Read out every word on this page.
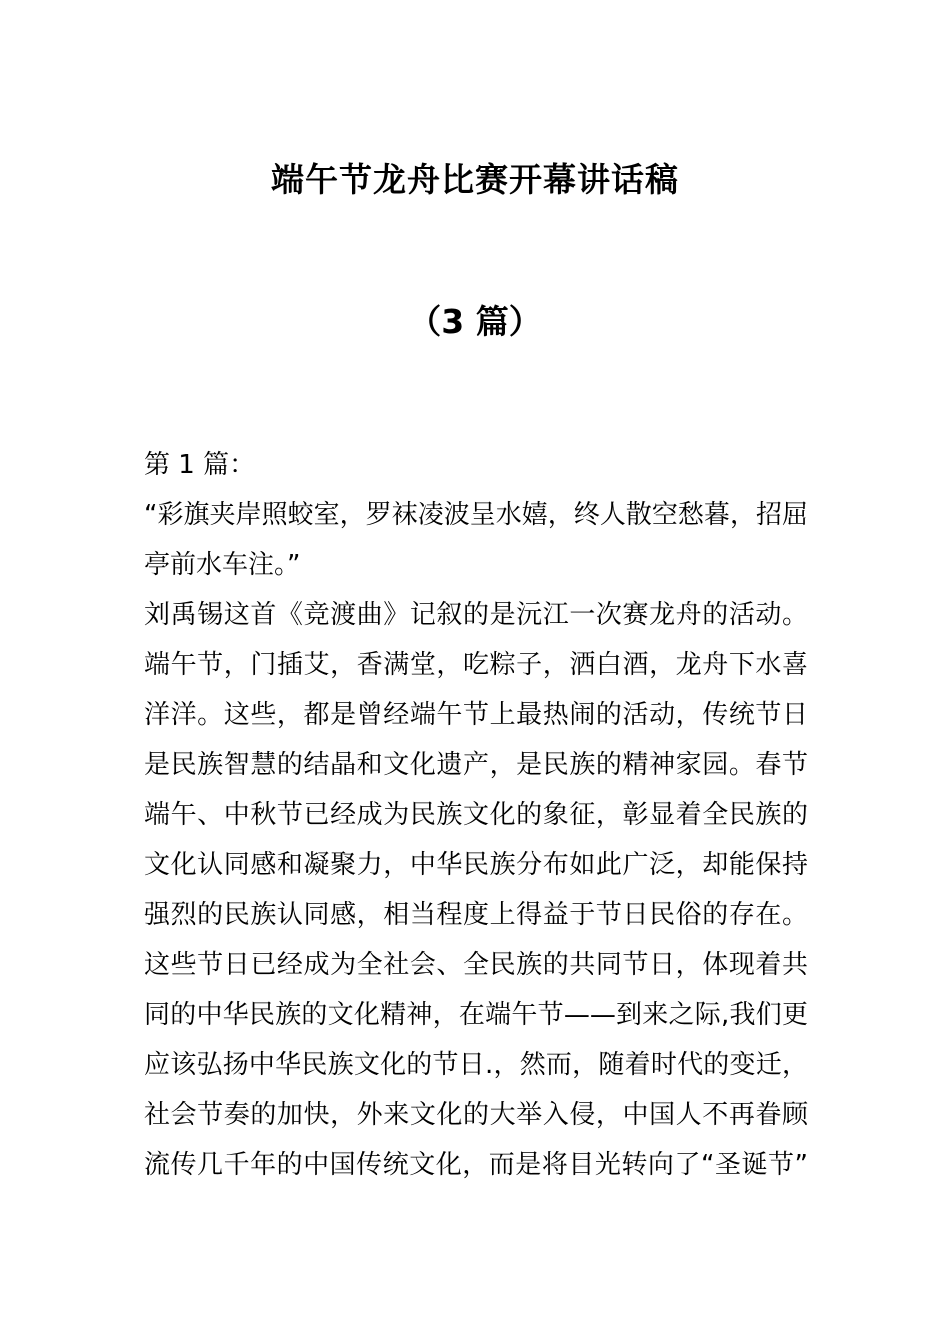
端午节龙舟比赛开幕讲话稿
（3 篇）
第 1 篇：
“彩旗夹岸照蛟室，罗袜凌波呈水嬉，终人散空愁暮，招屈
亭前水车注。”
刘禹锡这首《竞渡曲》记叙的是沅江一次赛龙舟的活动。
端午节，门插艾，香满堂，吃粽子，洒白酒，龙舟下水喜
洋洋。这些，都是曾经端午节上最热闹的活动，传统节日
是民族智慧的结晶和文化遗产，是民族的精神家园。春节
端午、中秋节已经成为民族文化的象征，彰显着全民族的
文化认同感和凝聚力，中华民族分布如此广泛，却能保持
强烈的民族认同感，相当程度上得益于节日民俗的存在。
这些节日已经成为全社会、全民族的共同节日，体现着共
同的中华民族的文化精神，在端午节——到来之际,我们更
应该弘扬中华民族文化的节日.，然而，随着时代的变迁，
社会节奏的加快，外来文化的大举入侵，中国人不再眷顾
流传几千年的中国传统文化，而是将目光转向了“圣诞节”
